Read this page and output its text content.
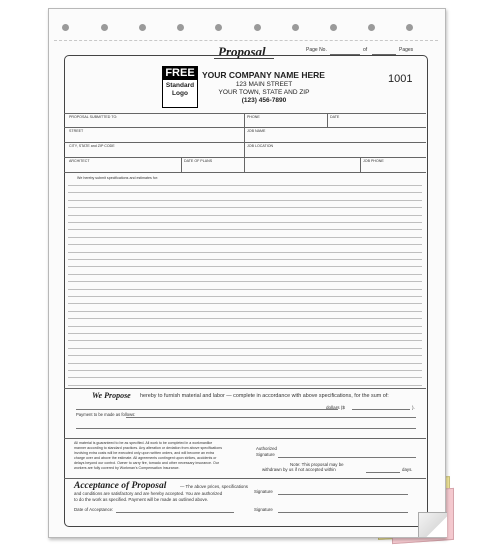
Proposal	Page No.	of	Pages
FREE
Standard
Logo
YOUR COMPANY NAME HERE
123 MAIN STREET
YOUR TOWN, STATE AND ZIP
(123) 456-7890
1001
PROPOSAL SUBMITTED TO:	PHONE	DATE
STREET	JOB NAME
CITY, STATE and ZIP CODE	JOB LOCATION
ARCHITECT	DATE OF PLANS	JOB PHONE
We hereby submit specifications and estimates for:
We Propose hereby to furnish material and labor — complete in accordance with above specifications, for the sum of:
dollars ($	).
Payment to be made as follows:
All material is guaranteed to be as specified. All work to be completed in a workmanlike
manner according to standard practices. Any alteration or deviation from above specifications
involving extra costs will be executed only upon written orders, and will become an extra
charge over and above the estimate. All agreements contingent upon strikes, accidents or
delays beyond our control. Owner to carry fire, tornado and other necessary insurance. Our
workers are fully covered by Workman's Compensation Insurance.
Authorized
Signature
Note: This proposal may be
withdrawn by us if not accepted within	days.
Acceptance of Proposal	— The above prices, specifications
and conditions are satisfactory and are hereby accepted. You are authorized
to do the work as specified. Payment will be made as outlined above.
Date of Acceptance:
Signature
Signature
